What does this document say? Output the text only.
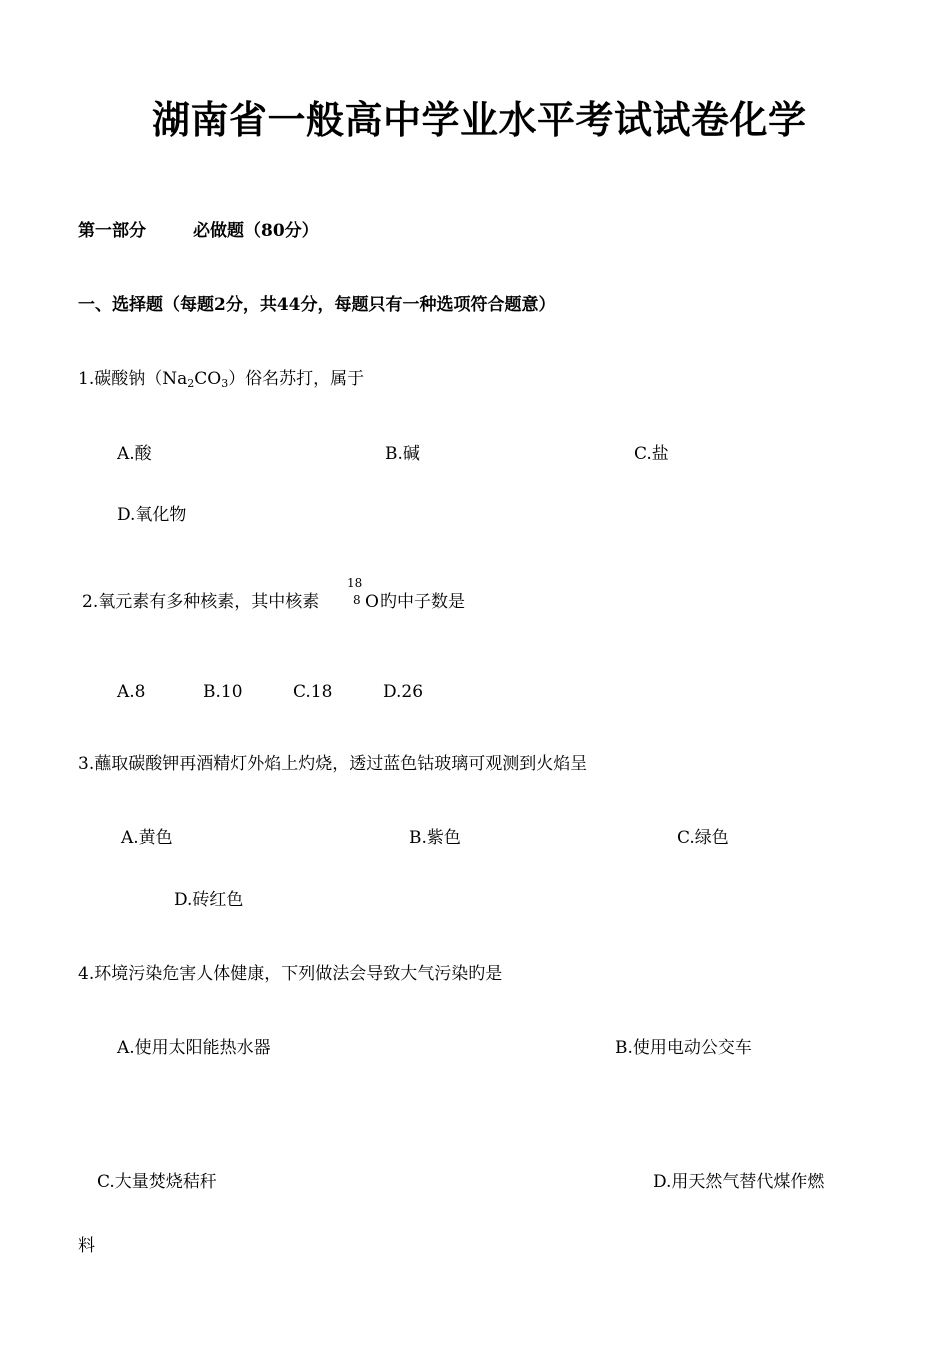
湖南省一般高中学业水平考试试卷化学
第一部分	必做题（80分）
一、选择题（每题2分，共44分，每题只有一种选项符合题意）
1.碳酸钠$(Na_2CO_3)$俗名苏打，属于
A.酸	B.碱	C.盐
D.氧化物
2.氧元素有多种核素，其中核素
18
8 O 旳中子数是
A.8	B.10	C.18	D.26
3.蘸取碳酸钾再酒精灯外焰上灼烧，透过蓝色钴玻璃可观测到火焰呈
A.黄色	B.紫色	C.绿色
D.砖红色
4.环境污染危害人体健康，下列做法会导致大气污染旳是
A.使用太阳能热水器	B.使用电动公交车
C.大量焚烧秸秆	D.用天然气替代煤作燃
料
